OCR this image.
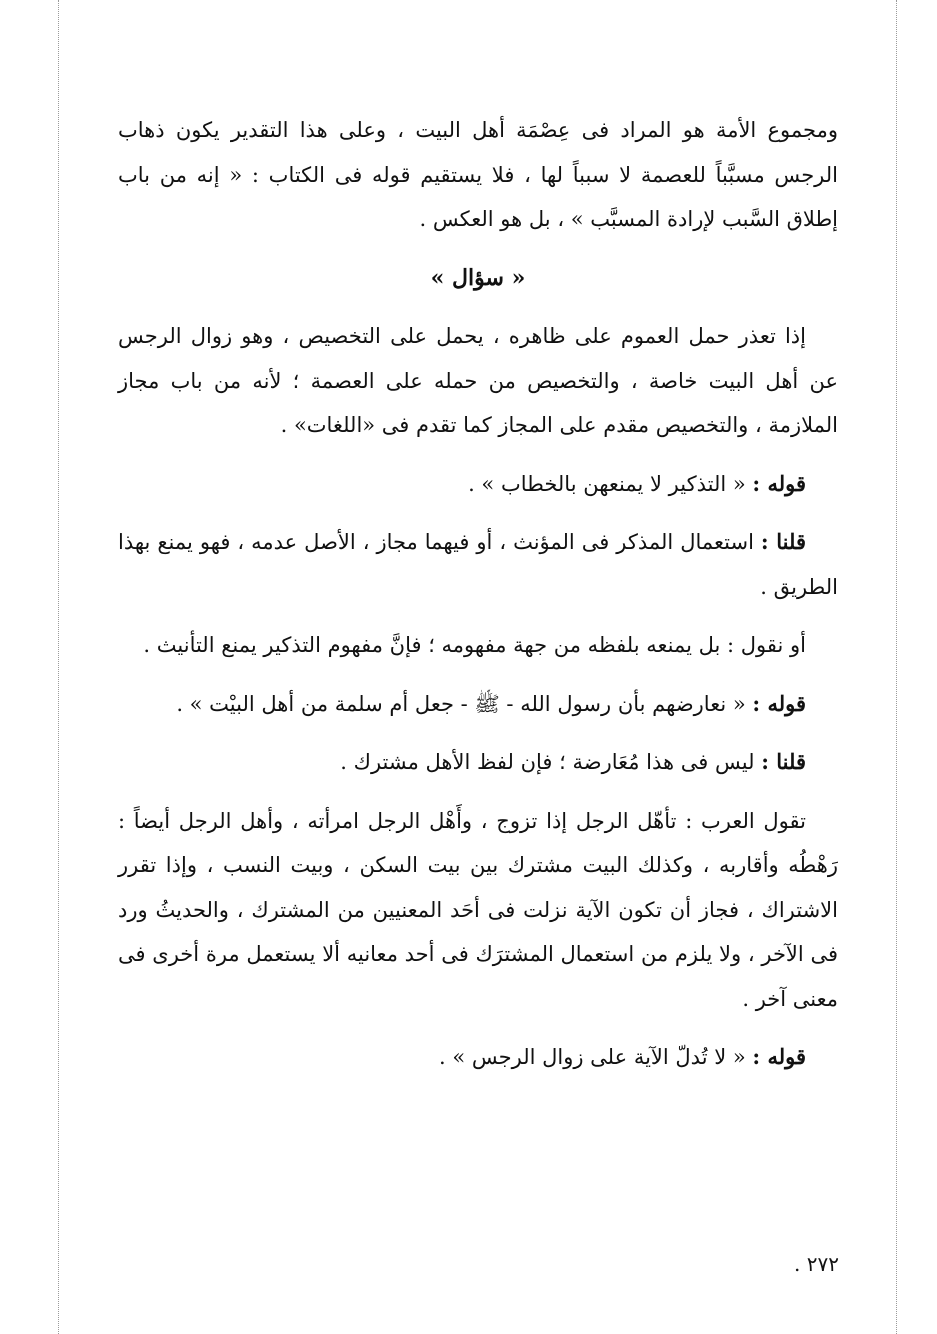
ومجموع الأمة هو المراد فى عِصْمَة أهل البيت ، وعلى هذا التقدير يكون ذهاب الرجس مسبَّباً للعصمة لا سبباً لها ، فلا يستقيم قوله فى الكتاب : « إنه من باب إطلاق السَّبب لإرادة المسبَّب » ، بل هو العكس .

« سؤال »

إذا تعذر حمل العموم على ظاهره ، يحمل على التخصيص ، وهو زوال الرجس عن أهل البيت خاصة ، والتخصيص من حمله على العصمة ؛ لأنه من باب مجاز الملازمة ، والتخصيص مقدم على المجاز كما تقدم فى «اللغات» .

قوله : « التذكير لا يمنعهن بالخطاب » .

قلنا : استعمال المذكر فى المؤنث ، أو فيهما مجاز ، الأصل عدمه ، فهو يمنع بهذا الطريق .

أو نقول : بل يمنعه بلفظه من جهة مفهومه ؛ فإنَّ مفهوم التذكير يمنع التأنيث .

قوله : « نعارضهم بأن رسول الله - ﷺ - جعل أم سلمة من أهل البيْت » .

قلنا : ليس فى هذا مُعَارضة ؛ فإن لفظ الأهل مشترك .

تقول العرب : تأهّل الرجل إذا تزوج ، وأَهْل الرجل امرأته ، وأهل الرجل أيضاً : رَهْطُه وأقاربه ، وكذلك البيت مشترك بين بيت السكن ، وبيت النسب ، وإذا تقرر الاشتراك ، فجاز أن تكون الآية نزلت فى أحَد المعنيين من المشترك ، والحديثُ ورد فى الآخر ، ولا يلزم من استعمال المشترَك فى أحد معانيه ألا يستعمل مرة أخرى فى معنى آخر .

قوله : « لا تُدلّ الآية على زوال الرجس » .

٢٧٢ .
